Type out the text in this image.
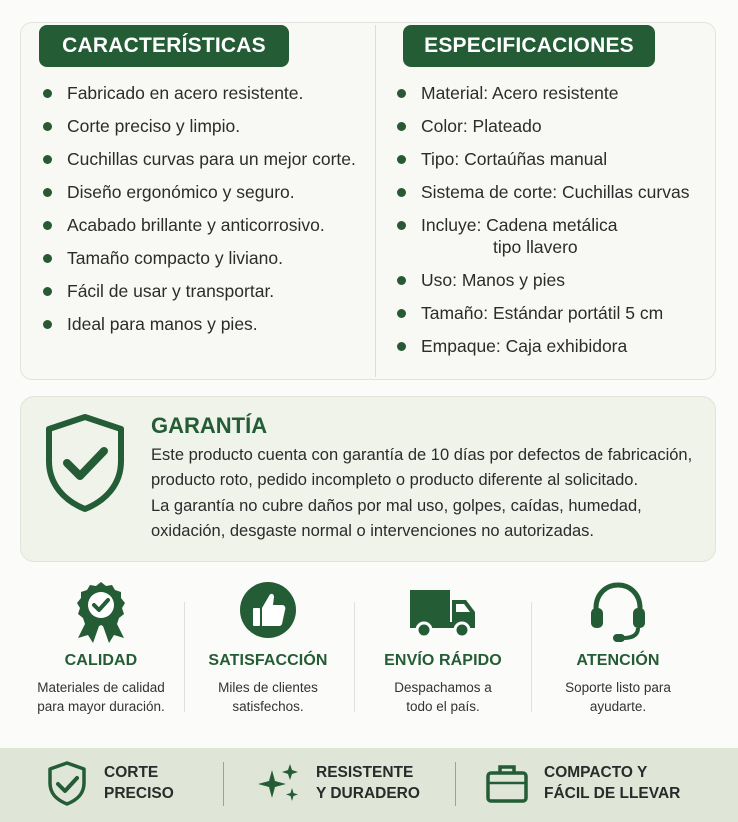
CARACTERÍSTICAS
Fabricado en acero resistente.
Corte preciso y limpio.
Cuchillas curvas para un mejor corte.
Diseño ergonómico y seguro.
Acabado brillante y anticorrosivo.
Tamaño compacto y liviano.
Fácil de usar y transportar.
Ideal para manos y pies.
ESPECIFICACIONES
Material: Acero resistente
Color: Plateado
Tipo: Cortaúñas manual
Sistema de corte: Cuchillas curvas
Incluye: Cadena metálica
tipo llavero
Uso: Manos y pies
Tamaño: Estándar portátil 5 cm
Empaque: Caja exhibidora
GARANTÍA

Este producto cuenta con garantía de 10 días por defectos de fabricación, producto roto, pedido incompleto o producto diferente al solicitado.

La garantía no cubre daños por mal uso, golpes, caídas, humedad, oxidación, desgaste normal o intervenciones no autorizadas.

CALIDAD
Materiales de calidad
para mayor duración.
SATISFACCIÓN
Miles de clientes
satisfechos.
ENVÍO RÁPIDO
Despachamos a
todo el país.
ATENCIÓN
Soporte listo para
ayudarte.
CORTE
PRECISO
RESISTENTE
Y DURADERO
COMPACTO Y
FÁCIL DE LLEVAR
